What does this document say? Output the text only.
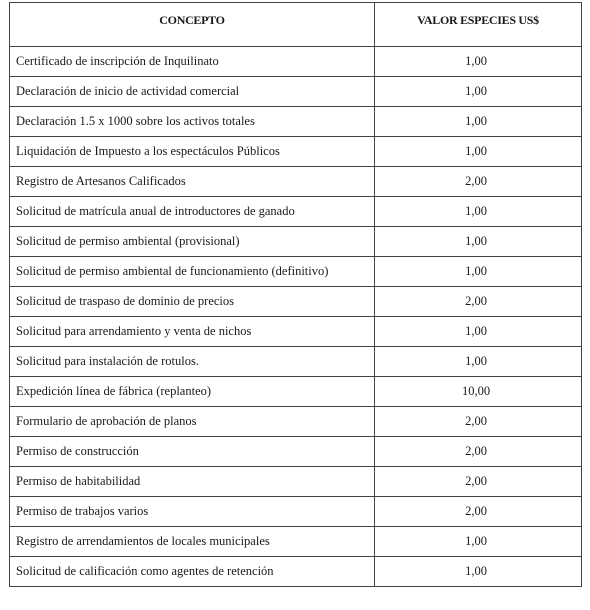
CONCEPTO	VALOR ESPECIES US$
Certificado de inscripción de Inquilinato	1,00
Declaración de inicio de actividad comercial	1,00
Declaración 1.5 x 1000 sobre los activos totales	1,00
Liquidación de Impuesto a los espectáculos Públicos	1,00
Registro de Artesanos Calificados	2,00
Solicitud de matrícula anual de introductores de ganado	1,00
Solicitud de permiso ambiental (provisional)	1,00
Solicitud de permiso ambiental de funcionamiento (definitivo)	1,00
Solicitud de traspaso de dominio de precios	2,00
Solicitud para arrendamiento y venta de nichos	1,00
Solicitud para instalación de rotulos.	1,00
Expedición línea de fábrica (replanteo)	10,00
Formulario de aprobación de planos	2,00
Permiso de construcción	2,00
Permiso de habitabilidad	2,00
Permiso de trabajos varios	2,00
Registro de arrendamientos de locales municipales	1,00
Solicitud de calificación como agentes de retención	1,00
